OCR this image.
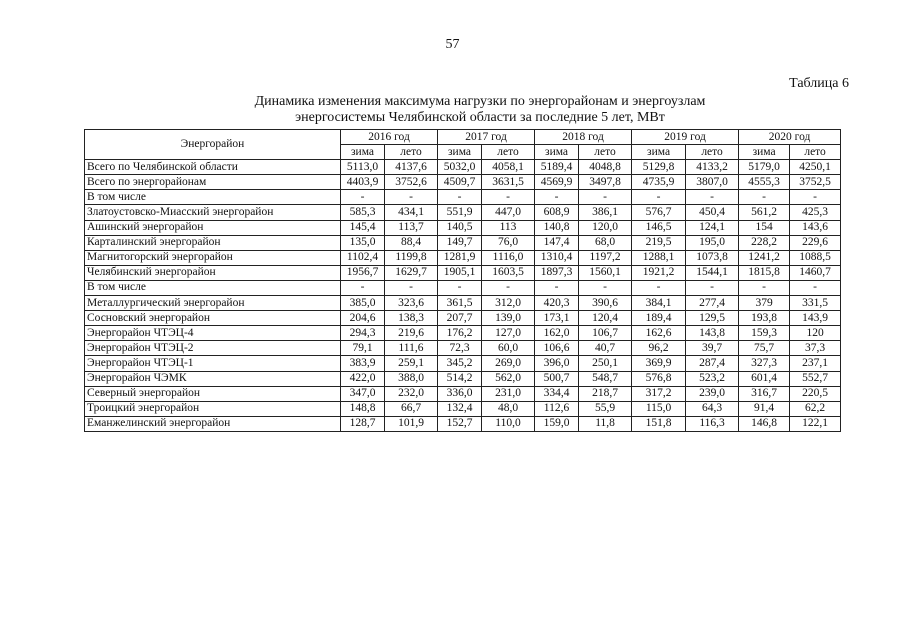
57
Таблица 6
Динамика изменения максимума нагрузки по энергорайонам и энергоузлам
энергосистемы Челябинской области за последние 5 лет, МВт
Энергорайон	2016 год		2017 год		2018 год		2019 год		2020 год	
	зима	лето	зима	лето	зима	лето	зима	лето	зима	лето
Всего по Челябинской области	5113,0	4137,6	5032,0	4058,1	5189,4	4048,8	5129,8	4133,2	5179,0	4250,1
Всего по энергорайонам	4403,9	3752,6	4509,7	3631,5	4569,9	3497,8	4735,9	3807,0	4555,3	3752,5
В том числе	-	-	-	-	-	-	-	-	-	-
Златоустовско-Миасский энергорайон	585,3	434,1	551,9	447,0	608,9	386,1	576,7	450,4	561,2	425,3
Ашинский энергорайон	145,4	113,7	140,5	113	140,8	120,0	146,5	124,1	154	143,6
Карталинский энергорайон	135,0	88,4	149,7	76,0	147,4	68,0	219,5	195,0	228,2	229,6
Магнитогорский энергорайон	1102,4	1199,8	1281,9	1116,0	1310,4	1197,2	1288,1	1073,8	1241,2	1088,5
Челябинский энергорайон	1956,7	1629,7	1905,1	1603,5	1897,3	1560,1	1921,2	1544,1	1815,8	1460,7
В том числе	-	-	-	-	-	-	-	-	-	-
Металлургический энергорайон	385,0	323,6	361,5	312,0	420,3	390,6	384,1	277,4	379	331,5
Сосновский энергорайон	204,6	138,3	207,7	139,0	173,1	120,4	189,4	129,5	193,8	143,9
Энергорайон ЧТЭЦ-4	294,3	219,6	176,2	127,0	162,0	106,7	162,6	143,8	159,3	120
Энергорайон ЧТЭЦ-2	79,1	111,6	72,3	60,0	106,6	40,7	96,2	39,7	75,7	37,3
Энергорайон ЧТЭЦ-1	383,9	259,1	345,2	269,0	396,0	250,1	369,9	287,4	327,3	237,1
Энергорайон ЧЭМК	422,0	388,0	514,2	562,0	500,7	548,7	576,8	523,2	601,4	552,7
Северный энергорайон	347,0	232,0	336,0	231,0	334,4	218,7	317,2	239,0	316,7	220,5
Троицкий энергорайон	148,8	66,7	132,4	48,0	112,6	55,9	115,0	64,3	91,4	62,2
Еманжелинский энергорайон	128,7	101,9	152,7	110,0	159,0	11,8	151,8	116,3	146,8	122,1
